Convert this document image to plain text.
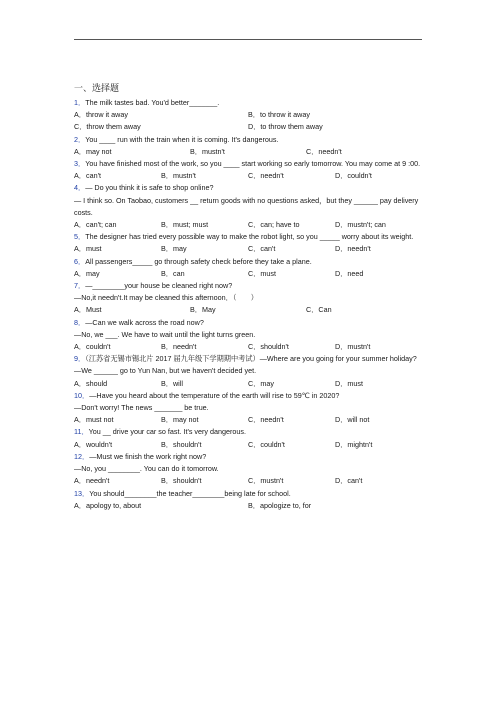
一、选择题
1．The milk tastes bad. You'd better_______.
A．throw it away	B．to throw it away
C．throw them away	D．to throw them away
2．You ____ run with the train when it is coming. It's dangerous.
A．may not	B．mustn't	C．needn't
3．You have finished most of the work, so you ____ start working so early tomorrow. You may come at 9 :00.
A．can't	B．mustn't	C．needn't	D．couldn't
4．— Do you think it is safe to shop online?
— I think so. On Taobao, customers __ return goods with no questions asked，but they ______ pay delivery costs.
A．can't; can	B．must; must	C．can; have to	D．mustn't; can
5．The designer has tried every possible way to make the robot light, so you _____ worry about its weight.
A．must	B．may	C．can't	D．needn't
6．All passengers_____ go through safety check before they take a plane.
A．may	B．can	C．must	D．need
7．—________your house be cleaned right now?
—No,it needn't.It may be cleaned this afternoon．（　　）
A．Must	B．May	C．Can
8．—Can we walk across the road now?
—No, we ___. We have to wait until the light turns green.
A．couldn't	B．needn't	C．shouldn't	D．mustn't
9．（江苏省无锡市锡北片 2017 届九年级下学期期中考试）—Where are you going for your summer holiday?
—We ______ go to Yun Nan, but we haven't decided yet.
A．should	B．will	C．may	D．must
10．—Have you heard about the temperature of the earth will rise to 59℃ in 2020?
—Don't worry! The news _______ be true.
A．must not	B．may not	C．needn't	D．will not
11．You __ drive your car so fast. It's very dangerous.
A．wouldn't	B．shouldn't	C．couldn't	D．mightn't
12．—Must we finish the work right now?
—No, you ________. You can do it tomorrow.
A．needn't	B．shouldn't	C．mustn't	D．can't
13．You should________the teacher________being late for school.
A．apology to, about	B．apologize to, for
